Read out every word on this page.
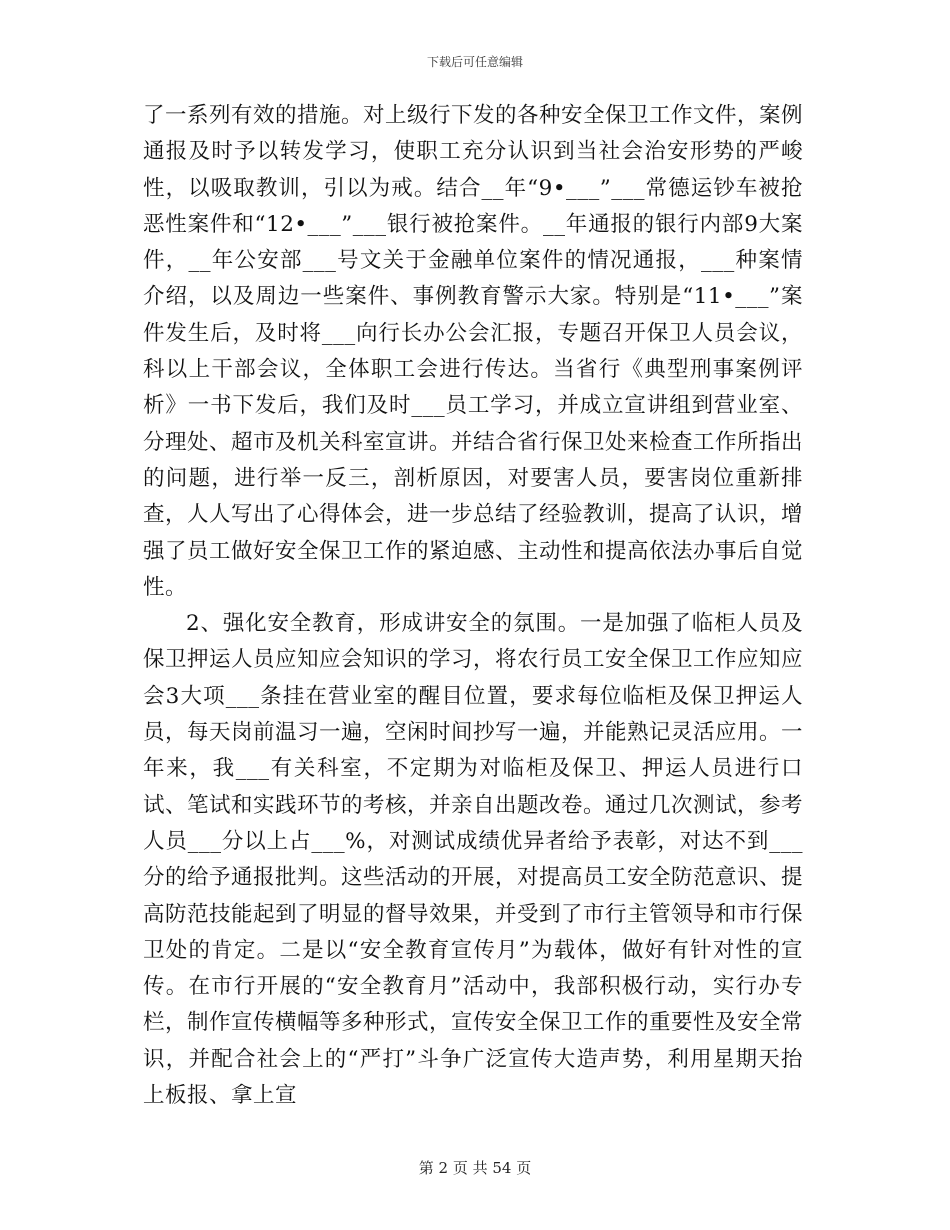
下载后可任意编辑

了一系列有效的措施。对上级行下发的各种安全保卫工作文件，案例通报及时予以转发学习，使职工充分认识到当社会治安形势的严峻性，以吸取教训，引以为戒。结合__年“9•___”___常德运钞车被抢恶性案件和“12•___”___银行被抢案件。__年通报的银行内部9大案件，__年公安部___号文关于金融单位案件的情况通报，___种案情介绍，以及周边一些案件、事例教育警示大家。特别是“11•___”案件发生后，及时将___向行长办公会汇报，专题召开保卫人员会议，科以上干部会议，全体职工会进行传达。当省行《典型刑事案例评析》一书下发后，我们及时___员工学习，并成立宣讲组到营业室、分理处、超市及机关科室宣讲。并结合省行保卫处来检查工作所指出的问题，进行举一反三，剖析原因，对要害人员，要害岗位重新排查，人人写出了心得体会，进一步总结了经验教训，提高了认识，增强了员工做好安全保卫工作的紧迫感、主动性和提高依法办事后自觉性。

2、强化安全教育，形成讲安全的氛围。一是加强了临柜人员及保卫押运人员应知应会知识的学习，将农行员工安全保卫工作应知应会3大项___条挂在营业室的醒目位置，要求每位临柜及保卫押运人员，每天岗前温习一遍，空闲时间抄写一遍，并能熟记灵活应用。一年来，我___有关科室，不定期为对临柜及保卫、押运人员进行口试、笔试和实践环节的考核，并亲自出题改卷。通过几次测试，参考人员___分以上占___%，对测试成绩优异者给予表彰，对达不到___分的给予通报批判。这些活动的开展，对提高员工安全防范意识、提高防范技能起到了明显的督导效果，并受到了市行主管领导和市行保卫处的肯定。二是以“安全教育宣传月”为载体，做好有针对性的宣传。在市行开展的“安全教育月”活动中，我部积极行动，实行办专栏，制作宣传横幅等多种形式，宣传安全保卫工作的重要性及安全常识，并配合社会上的“严打”斗争广泛宣传大造声势，利用星期天抬上板报、拿上宣

第 2 页 共 54 页
